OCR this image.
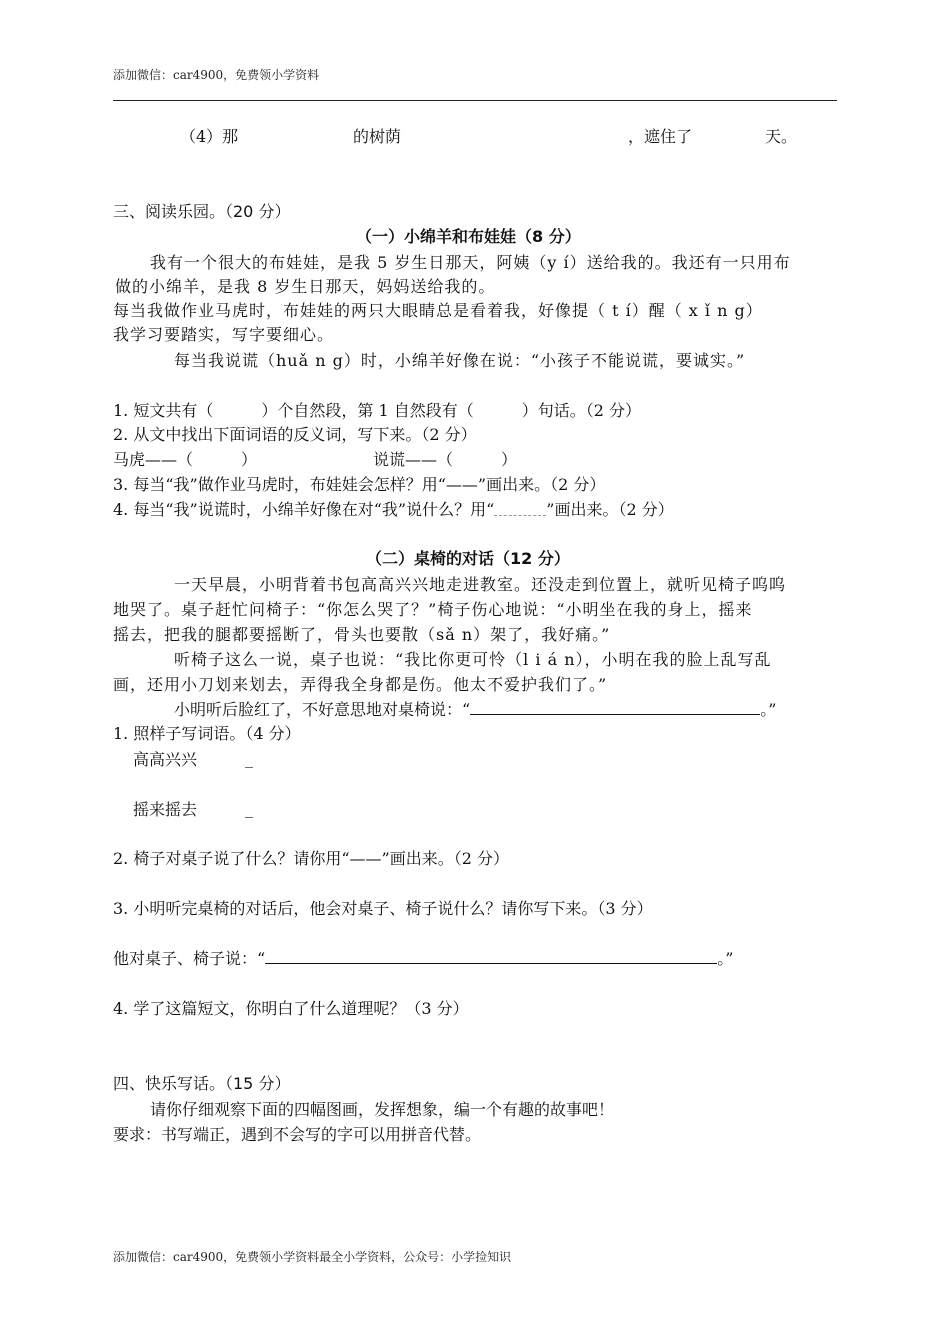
添加微信：car4900，免费领小学资料
（4）那	的树荫	，遮住了	天。
三、阅读乐园。（20 分）
（一）小绵羊和布娃娃（8 分）
我有一个很大的布娃娃，是我 5 岁生日那天，阿姨（y í）送给我的。我还有一只用布
做的小绵羊，是我 8 岁生日那天，妈妈送给我的。
每当我做作业马虎时，布娃娃的两只大眼睛总是看着我，好像提（ t í）醒（ x ǐ n g）
我学习要踏实，写字要细心。
每当我说谎（huǎ n g）时，小绵羊好像在说：“小孩子不能说谎，要诚实。”
1. 短文共有（　　　）个自然段，第 1 自然段有（　　　）句话。（2 分）
2. 从文中找出下面词语的反义词，写下来。（2 分）
马虎——（　　　）	说谎——（　　　）
3. 每当“我”做作业马虎时，布娃娃会怎样？用“——”画出来。（2 分）
4. 每当“我”说谎时，小绵羊好像在对“我”说什么？用“	”画出来。（2 分）
（二）桌椅的对话（12 分）
一天早晨，小明背着书包高高兴兴地走进教室。还没走到位置上，就听见椅子呜呜
地哭了。桌子赶忙问椅子：“你怎么哭了？”椅子伤心地说：“小明坐在我的身上，摇来
摇去，把我的腿都要摇断了，骨头也要散（sǎ n）架了，我好痛。”
听椅子这么一说，桌子也说：“我比你更可怜（l i á n），小明在我的脸上乱写乱
画，还用小刀划来划去，弄得我全身都是伤。他太不爱护我们了。”
小明听后脸红了，不好意思地对桌椅说：“	。”
1. 照样子写词语。（4 分）
高高兴兴	_
摇来摇去	_
2. 椅子对桌子说了什么？请你用“——”画出来。（2 分）
3. 小明听完桌椅的对话后，他会对桌子、椅子说什么？请你写下来。（3 分）
他对桌子、椅子说：“	。”
4. 学了这篇短文，你明白了什么道理呢？（3 分）
四、快乐写话。（15 分）
请你仔细观察下面的四幅图画，发挥想象，编一个有趣的故事吧！
要求：书写端正，遇到不会写的字可以用拼音代替。
添加微信：car4900，免费领小学资料最全小学资料，公众号：小学捡知识
